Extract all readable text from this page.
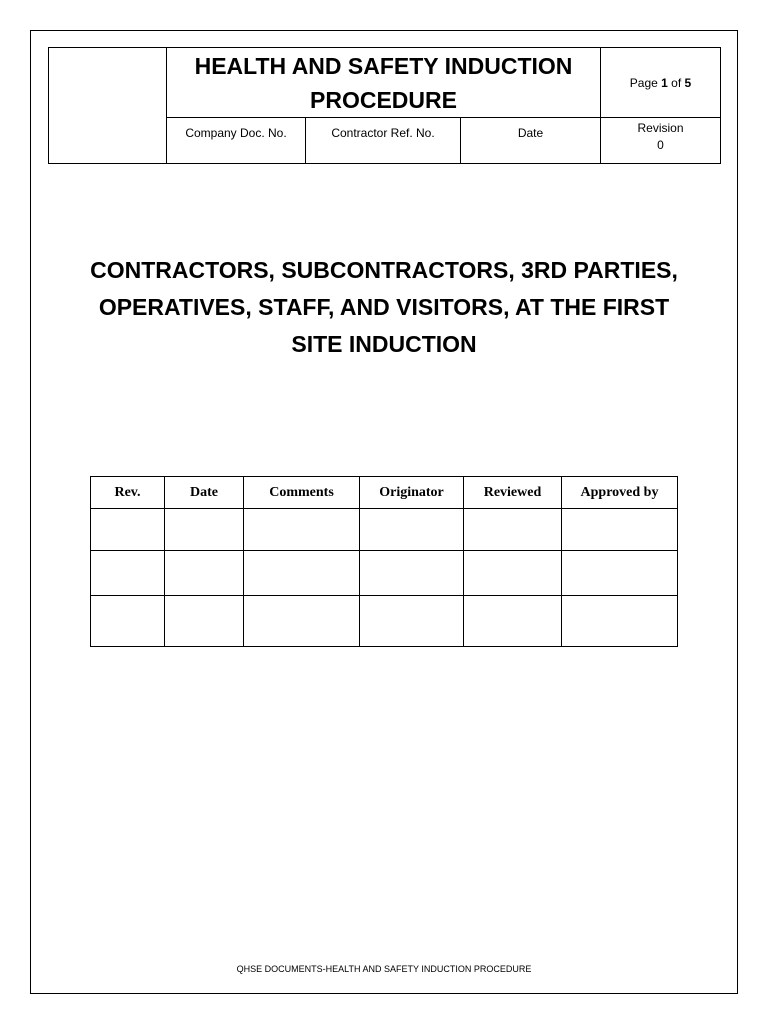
HEALTH AND SAFETY INDUCTION
PROCEDURE
Page 1 of 5
Company Doc. No.	Contractor Ref. No.	Date	Revision
0
CONTRACTORS, SUBCONTRACTORS, 3RD PARTIES,
OPERATIVES, STAFF, AND VISITORS, AT THE FIRST
SITE INDUCTION
Rev.	Date	Comments	Originator	Reviewed	Approved by

QHSE DOCUMENTS-HEALTH AND SAFETY INDUCTION PROCEDURE
